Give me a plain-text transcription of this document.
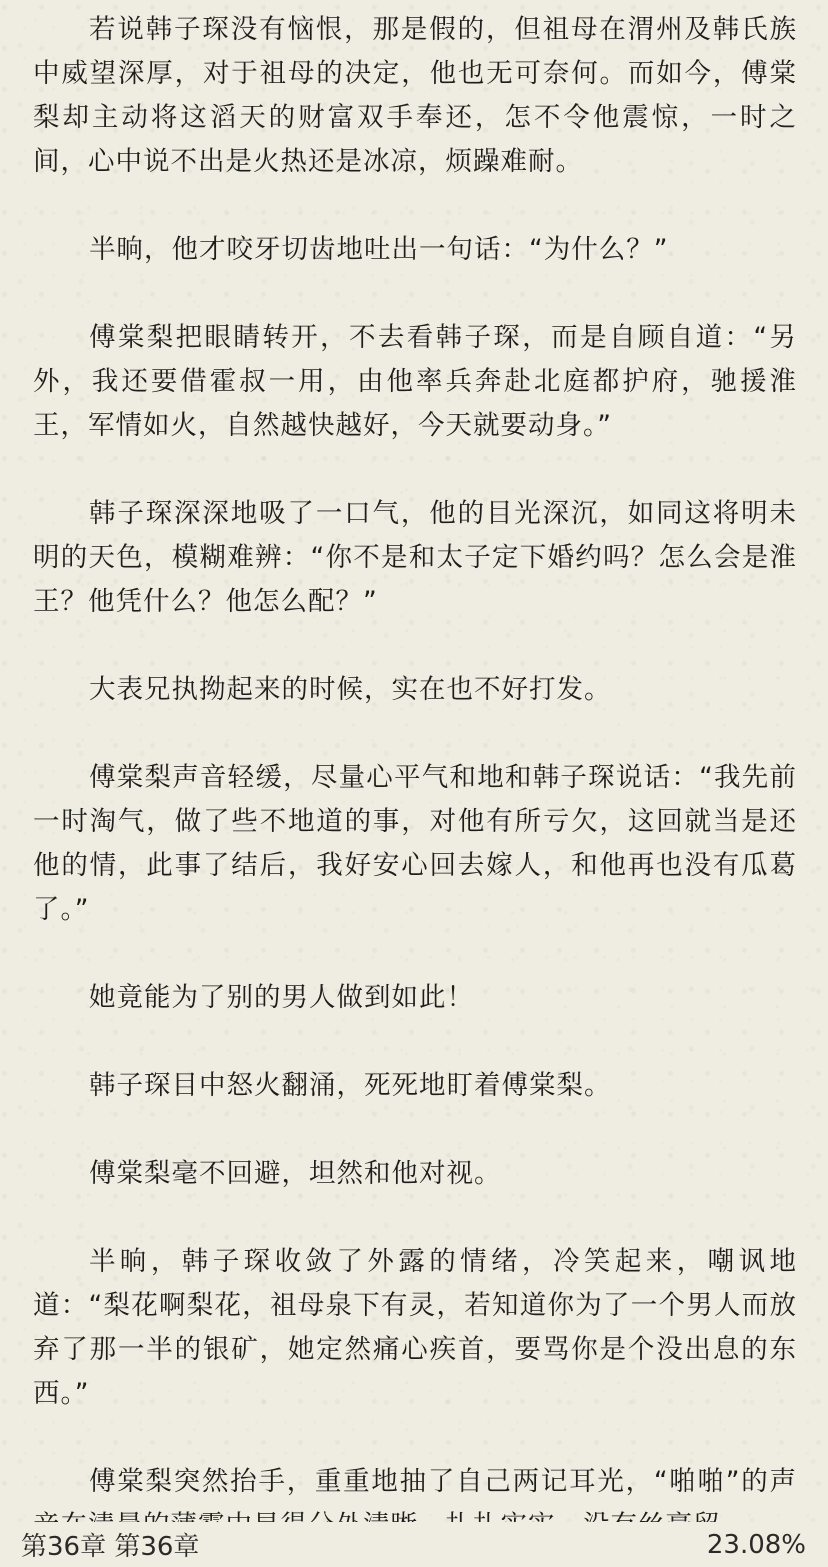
若说韩子琛没有恼恨，那是假的，但祖母在渭州及韩氏族中威望深厚，对于祖母的决定，他也无可奈何。而如今，傅棠梨却主动将这滔天的财富双手奉还，怎不令他震惊，一时之间，心中说不出是火热还是冰凉，烦躁难耐。

半晌，他才咬牙切齿地吐出一句话：“为什么？”

傅棠梨把眼睛转开，不去看韩子琛，而是自顾自道：“另外，我还要借霍叔一用，由他率兵奔赴北庭都护府，驰援淮王，军情如火，自然越快越好，今天就要动身。”

韩子琛深深地吸了一口气，他的目光深沉，如同这将明未明的天色，模糊难辨：“你不是和太子定下婚约吗？怎么会是淮王？他凭什么？他怎么配？”

大表兄执拗起来的时候，实在也不好打发。

傅棠梨声音轻缓，尽量心平气和地和韩子琛说话：“我先前一时淘气，做了些不地道的事，对他有所亏欠，这回就当是还他的情，此事了结后，我好安心回去嫁人，和他再也没有瓜葛了。”

她竟能为了别的男人做到如此！

韩子琛目中怒火翻涌，死死地盯着傅棠梨。

傅棠梨毫不回避，坦然和他对视。

半晌，韩子琛收敛了外露的情绪，冷笑起来，嘲讽地道：“梨花啊梨花，祖母泉下有灵，若知道你为了一个男人而放弃了那一半的银矿，她定然痛心疾首，要骂你是个没出息的东西。”

傅棠梨突然抬手，重重地抽了自己两记耳光，“啪啪”的声

第36章 第36章	23.08%
